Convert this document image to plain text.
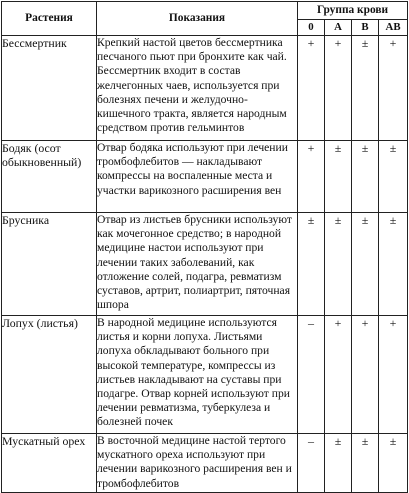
Растения	Показания	Группа крови			
		0	A	B	AB
Бессмертник	Крепкий настой цветов бессмертника песчаного пьют при бронхите как чай. Бессмертник входит в состав желчегонных чаев, используется при болезнях печени и желудочно-кишечного тракта, является народным средством против гельминтов	+	+	±	+
Бодяк (осот обыкновенный)	Отвар бодяка используют при лечении тромбофлебитов — накладывают компрессы на воспаленные места и участки варикозного расширения вен	+	±	±	±
Брусника	Отвар из листьев брусники используют как мочегонное средство; в народной медицине настои используют при лечении таких заболеваний, как отложение солей, подагра, ревматизм суставов, артрит, полиартрит, пяточная шпора	±	±	±	±
Лопух (листья)	В народной медицине используются листья и корни лопуха. Листьями лопуха обкладывают больного при высокой температуре, компрессы из листьев накладывают на суставы при подагре. Отвар корней используют при лечении ревматизма, туберкулеза и болезней почек	–	+	+	+
Мускатный орех	В восточной медицине настой тертого мускатного ореха используют при лечении варикозного расширения вен и тромбофлебитов	–	±	±	±
